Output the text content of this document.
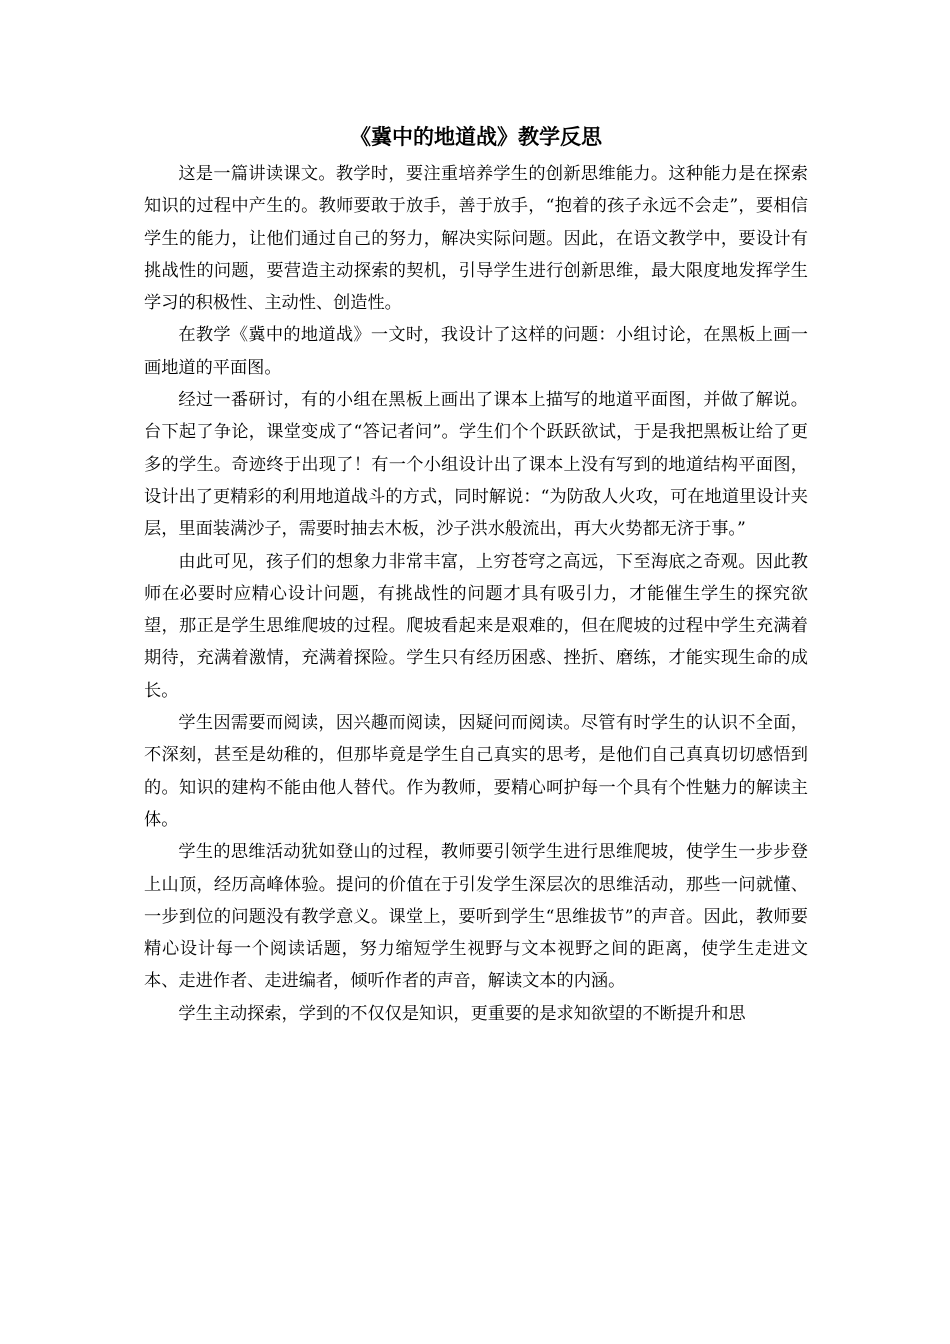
《冀中的地道战》教学反思

这是一篇讲读课文。教学时，要注重培养学生的创新思维能力。这种能力是在探索知识的过程中产生的。教师要敢于放手，善于放手，“抱着的孩子永远不会走”，要相信学生的能力，让他们通过自己的努力，解决实际问题。因此，在语文教学中，要设计有挑战性的问题，要营造主动探索的契机，引导学生进行创新思维，最大限度地发挥学生学习的积极性、主动性、创造性。

在教学《冀中的地道战》一文时，我设计了这样的问题：小组讨论，在黑板上画一画地道的平面图。

经过一番研讨，有的小组在黑板上画出了课本上描写的地道平面图，并做了解说。台下起了争论，课堂变成了“答记者问”。学生们个个跃跃欲试，于是我把黑板让给了更多的学生。奇迹终于出现了！有一个小组设计出了课本上没有写到的地道结构平面图，设计出了更精彩的利用地道战斗的方式，同时解说：“为防敌人火攻，可在地道里设计夹层，里面装满沙子，需要时抽去木板，沙子洪水般流出，再大火势都无济于事。”

由此可见，孩子们的想象力非常丰富，上穷苍穹之高远，下至海底之奇观。因此教师在必要时应精心设计问题，有挑战性的问题才具有吸引力，才能催生学生的探究欲望，那正是学生思维爬坡的过程。爬坡看起来是艰难的，但在爬坡的过程中学生充满着期待，充满着激情，充满着探险。学生只有经历困惑、挫折、磨练，才能实现生命的成长。

学生因需要而阅读，因兴趣而阅读，因疑问而阅读。尽管有时学生的认识不全面，不深刻，甚至是幼稚的，但那毕竟是学生自己真实的思考，是他们自己真真切切感悟到的。知识的建构不能由他人替代。作为教师，要精心呵护每一个具有个性魅力的解读主体。

学生的思维活动犹如登山的过程，教师要引领学生进行思维爬坡，使学生一步步登上山顶，经历高峰体验。提问的价值在于引发学生深层次的思维活动，那些一问就懂、一步到位的问题没有教学意义。课堂上，要听到学生“思维拔节”的声音。因此，教师要精心设计每一个阅读话题，努力缩短学生视野与文本视野之间的距离，使学生走进文本、走进作者、走进编者，倾听作者的声音，解读文本的内涵。

学生主动探索，学到的不仅仅是知识，更重要的是求知欲望的不断提升和思
